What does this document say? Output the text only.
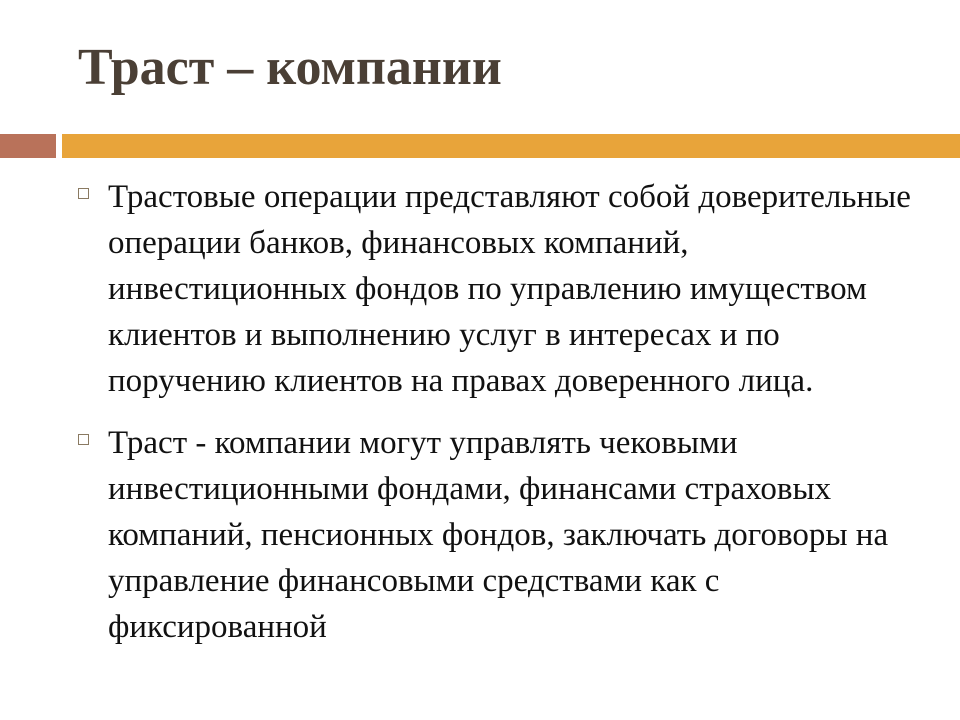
Траст – компании
Трастовые операции представляют собой доверительные операции банков, финансовых компаний, инвестиционных фондов по управлению имуществом клиентов и выполнению услуг в интересах и по поручению клиентов на правах доверенного лица.
Траст - компании могут управлять чековыми инвестиционными фондами, финансами страховых компаний, пенсионных фондов, заключать договоры на управление финансовыми средствами как с фиксированной
